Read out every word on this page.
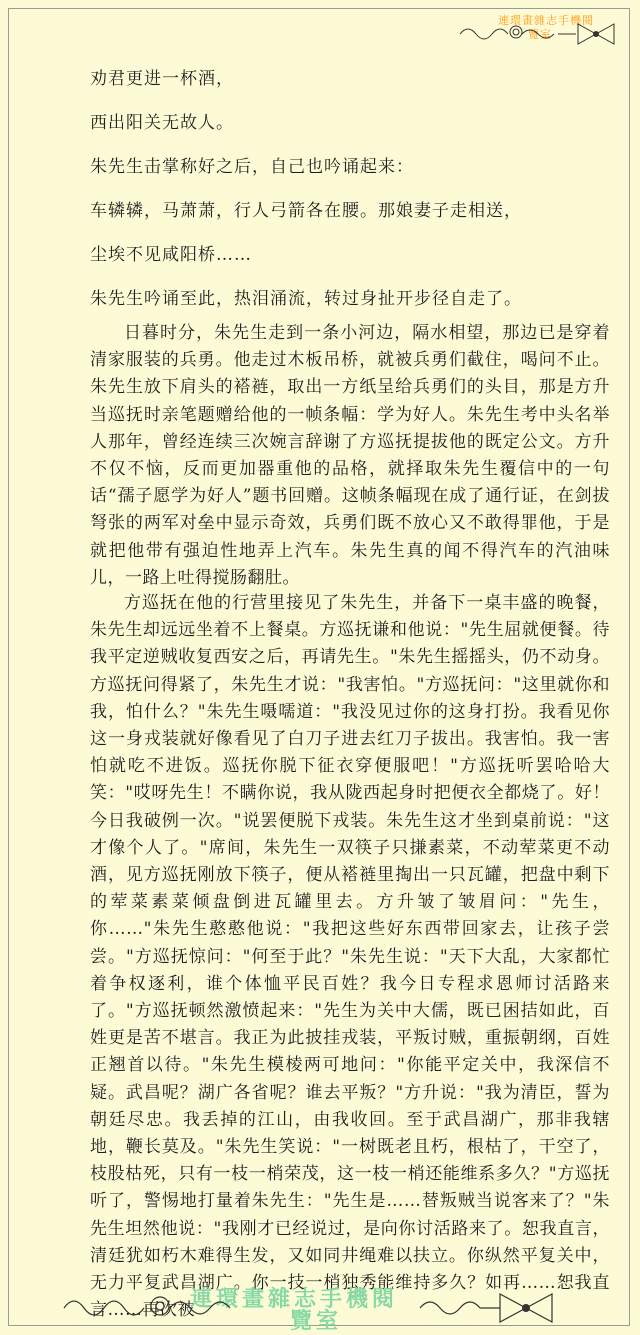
連環畫雜志手機閱
覽室
劝君更进一杯酒，
西出阳关无故人。
朱先生击掌称好之后，自己也吟诵起来：
车辚辚，马萧萧，行人弓箭各在腰。那娘妻子走相送，
尘埃不见咸阳桥……
朱先生吟诵至此，热泪涌流，转过身扯开步径自走了。
日暮时分，朱先生走到一条小河边，隔水相望，那边已是穿着清家服装的兵勇。他走过木板吊桥，就被兵勇们截住，喝问不止。朱先生放下肩头的褡裢，取出一方纸呈给兵勇们的头目，那是方升当巡抚时亲笔题赠给他的一帧条幅：学为好人。朱先生考中头名举人那年，曾经连续三次婉言辞谢了方巡抚提拔他的既定公文。方升不仅不恼，反而更加器重他的品格，就择取朱先生覆信中的一句话“孺子愿学为好人”题书回赠。这帧条幅现在成了通行证，在剑拔弩张的两军对垒中显示奇效，兵勇们既不放心又不敢得罪他，于是就把他带有强迫性地弄上汽车。朱先生真的闻不得汽车的汽油味儿，一路上吐得搅肠翻肚。
方巡抚在他的行营里接见了朱先生，并备下一桌丰盛的晚餐，朱先生却远远坐着不上餐桌。方巡抚谦和他说："先生屈就便餐。待我平定逆贼收复西安之后，再请先生。"朱先生摇摇头，仍不动身。方巡抚问得紧了，朱先生才说："我害怕。"方巡抚问："这里就你和我，怕什么？"朱先生嗫嚅道："我没见过你的这身打扮。我看见你这一身戎装就好像看见了白刀子进去红刀子拔出。我害怕。我一害怕就吃不进饭。巡抚你脱下征衣穿便服吧！"方巡抚听罢哈哈大笑："哎呀先生！不瞒你说，我从陇西起身时把便衣全都烧了。好！今日我破例一次。"说罢便脱下戎装。朱先生这才坐到桌前说："这才像个人了。"席间，朱先生一双筷子只搛素菜，不动荤菜更不动酒，见方巡抚刚放下筷子，便从褡裢里掏出一只瓦罐，把盘中剩下的荤菜素菜倾盘倒进瓦罐里去。方升皱了皱眉问："先生，你……"朱先生憨憨他说："我把这些好东西带回家去，让孩子尝尝。"方巡抚惊问："何至于此？"朱先生说："天下大乱，大家都忙着争权逐利，谁个体恤平民百姓？我今日专程求恩师讨活路来了。"方巡抚顿然激愤起来："先生为关中大儒，既已困拮如此，百姓更是苦不堪言。我正为此披挂戎装，平叛讨贼，重振朝纲，百姓正翘首以待。"朱先生模棱两可地问："你能平定关中，我深信不疑。武昌呢？湖广各省呢？谁去平叛？"方升说："我为清臣，誓为朝廷尽忠。我丢掉的江山，由我收回。至于武昌湖广，那非我辖地，鞭长莫及。"朱先生笑说："一树既老且朽，根枯了，干空了，枝股枯死，只有一枝一梢荣茂，这一枝一梢还能维系多久？"方巡抚听了，警惕地打量着朱先生："先生是……替叛贼当说客来了？"朱先生坦然他说："我刚才已经说过，是向你讨活路来了。恕我直言，清廷犹如朽木难得生发，又如同井绳难以扶立。你纵然平复关中，无力平复武昌湖广。你一技一梢独秀能维持多久？如再……恕我直言……再次被
連環畫雜志手機閱
覽室
